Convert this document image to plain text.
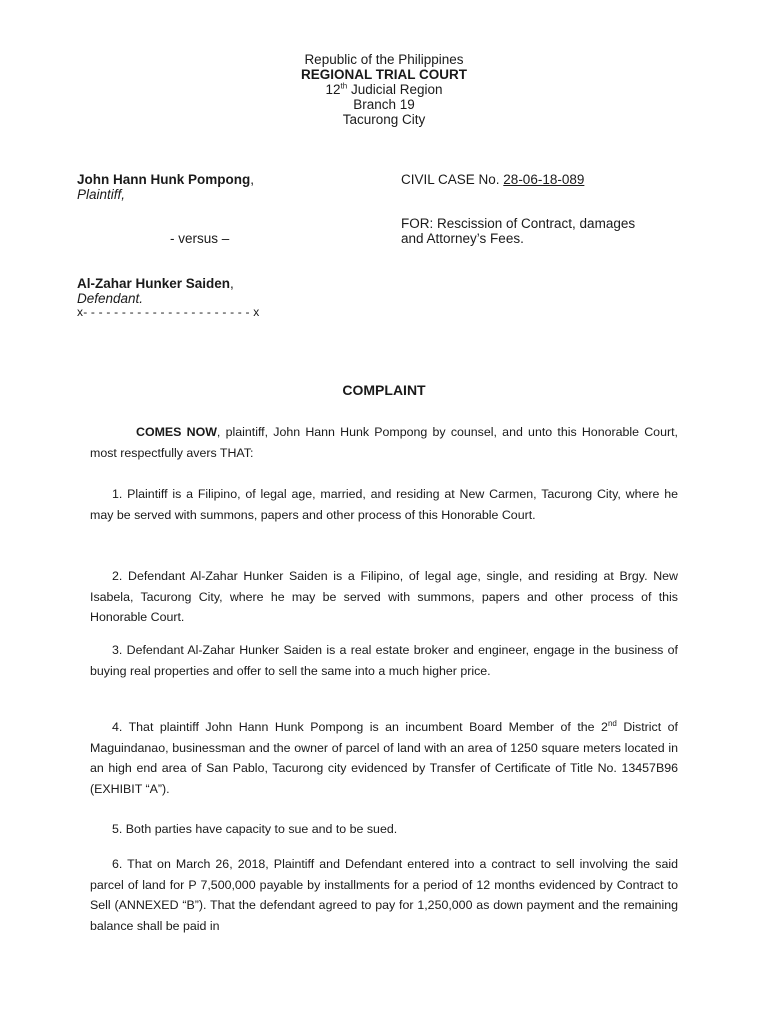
Republic of the Philippines
REGIONAL TRIAL COURT
12th Judicial Region
Branch 19
Tacurong City
John Hann Hunk Pompong,
Plaintiff,
- versus –
Al-Zahar Hunker Saiden,
Defendant.
x- - - - - - - - - - - - - - - - - - - - - - x
CIVIL CASE No. 28-06-18-089
FOR: Rescission of Contract, damages
and Attorney’s Fees.
COMPLAINT
COMES NOW, plaintiff, John Hann Hunk Pompong by counsel, and unto this Honorable Court, most respectfully avers THAT:
1. Plaintiff is a Filipino, of legal age, married, and residing at New Carmen, Tacurong City, where he may be served with summons, papers and other process of this Honorable Court.
2. Defendant Al-Zahar Hunker Saiden is a Filipino, of legal age, single, and residing at Brgy. New Isabela, Tacurong City, where he may be served with summons, papers and other process of this Honorable Court.
3. Defendant Al-Zahar Hunker Saiden is a real estate broker and engineer, engage in the business of buying real properties and offer to sell the same into a much higher price.
4. That plaintiff John Hann Hunk Pompong is an incumbent Board Member of the 2nd District of Maguindanao, businessman and the owner of parcel of land with an area of 1250 square meters located in an high end area of San Pablo, Tacurong city evidenced by Transfer of Certificate of Title No. 13457B96 (EXHIBIT “A”).
5. Both parties have capacity to sue and to be sued.
6. That on March 26, 2018, Plaintiff and Defendant entered into a contract to sell involving the said parcel of land for P 7,500,000 payable by installments for a period of 12 months evidenced by Contract to Sell (ANNEXED “B”). That the defendant agreed to pay for 1,250,000 as down payment and the remaining balance shall be paid in
